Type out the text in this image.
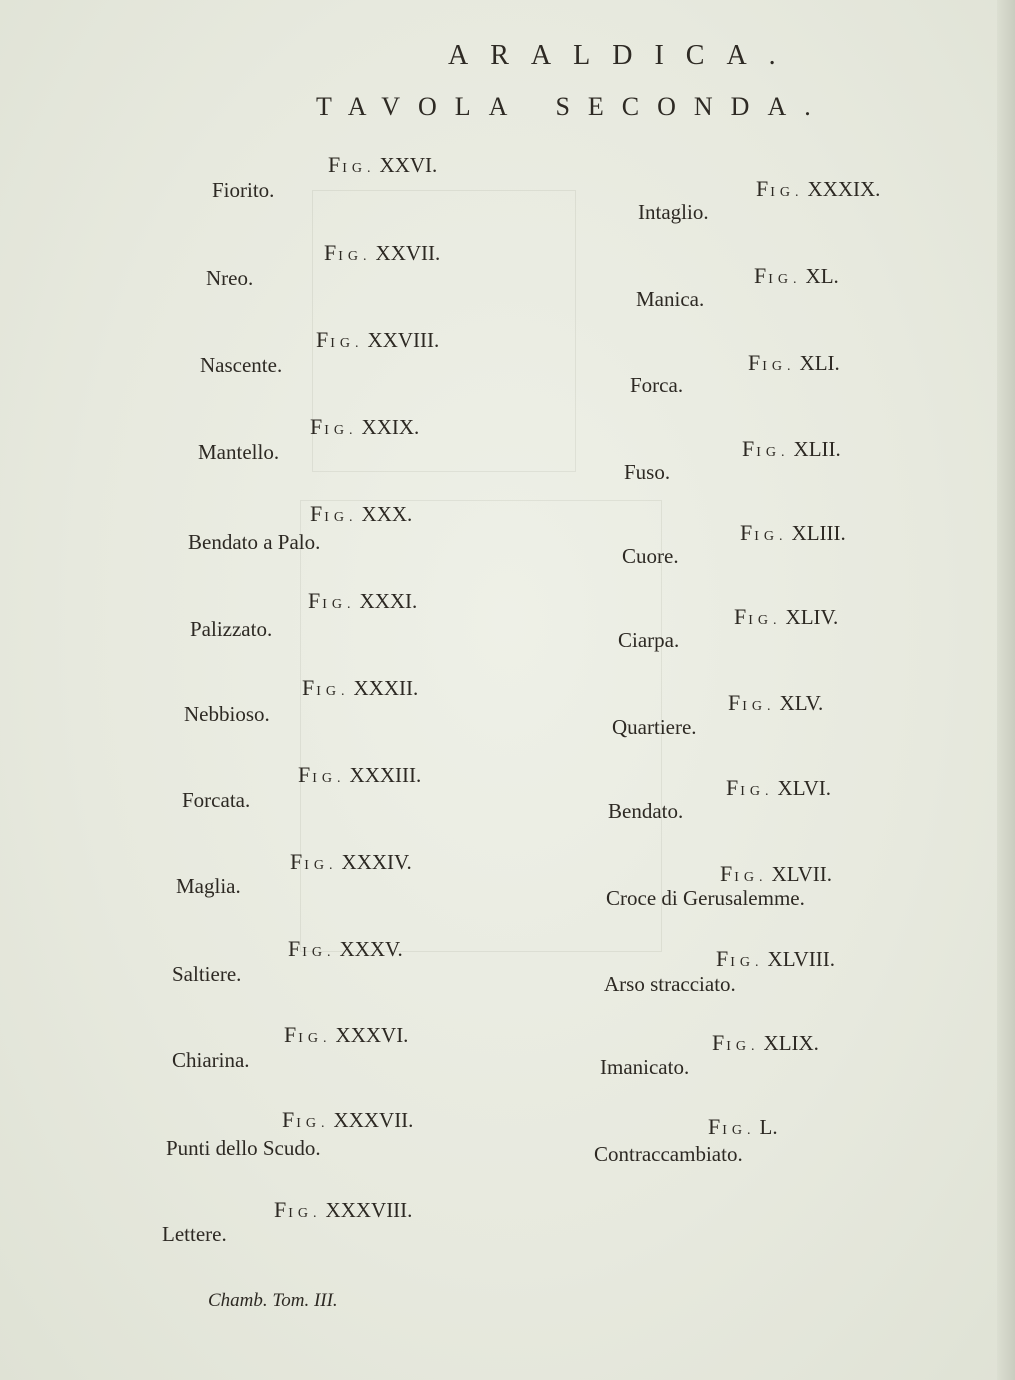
ARALDICA.
TAVOLA SECONDA.
FIG. XXVI.
Fiorito.
FIG. XXVII.
Nreo.
FIG. XXVIII.
Nascente.
FIG. XXIX.
Mantello.
FIG. XXX.
Bendato a Palo.
FIG. XXXI.
Palizzato.
FIG. XXXII.
Nebbioso.
FIG. XXXIII.
Forcata.
FIG. XXXIV.
Maglia.
FIG. XXXV.
Saltiere.
FIG. XXXVI.
Chiarina.
FIG. XXXVII.
Punti dello Scudo.
FIG. XXXVIII.
Lettere.
FIG. XXXIX.
Intaglio.
FIG. XL.
Manica.
FIG. XLI.
Forca.
FIG. XLII.
Fuso.
FIG. XLIII.
Cuore.
FIG. XLIV.
Ciarpa.
FIG. XLV.
Quartiere.
FIG. XLVI.
Bendato.
FIG. XLVII.
Croce di Gerusalemme.
FIG. XLVIII.
Arso stracciato.
FIG. XLIX.
Imanicato.
FIG. L.
Contraccambiato.
Chamb. Tom. III.
